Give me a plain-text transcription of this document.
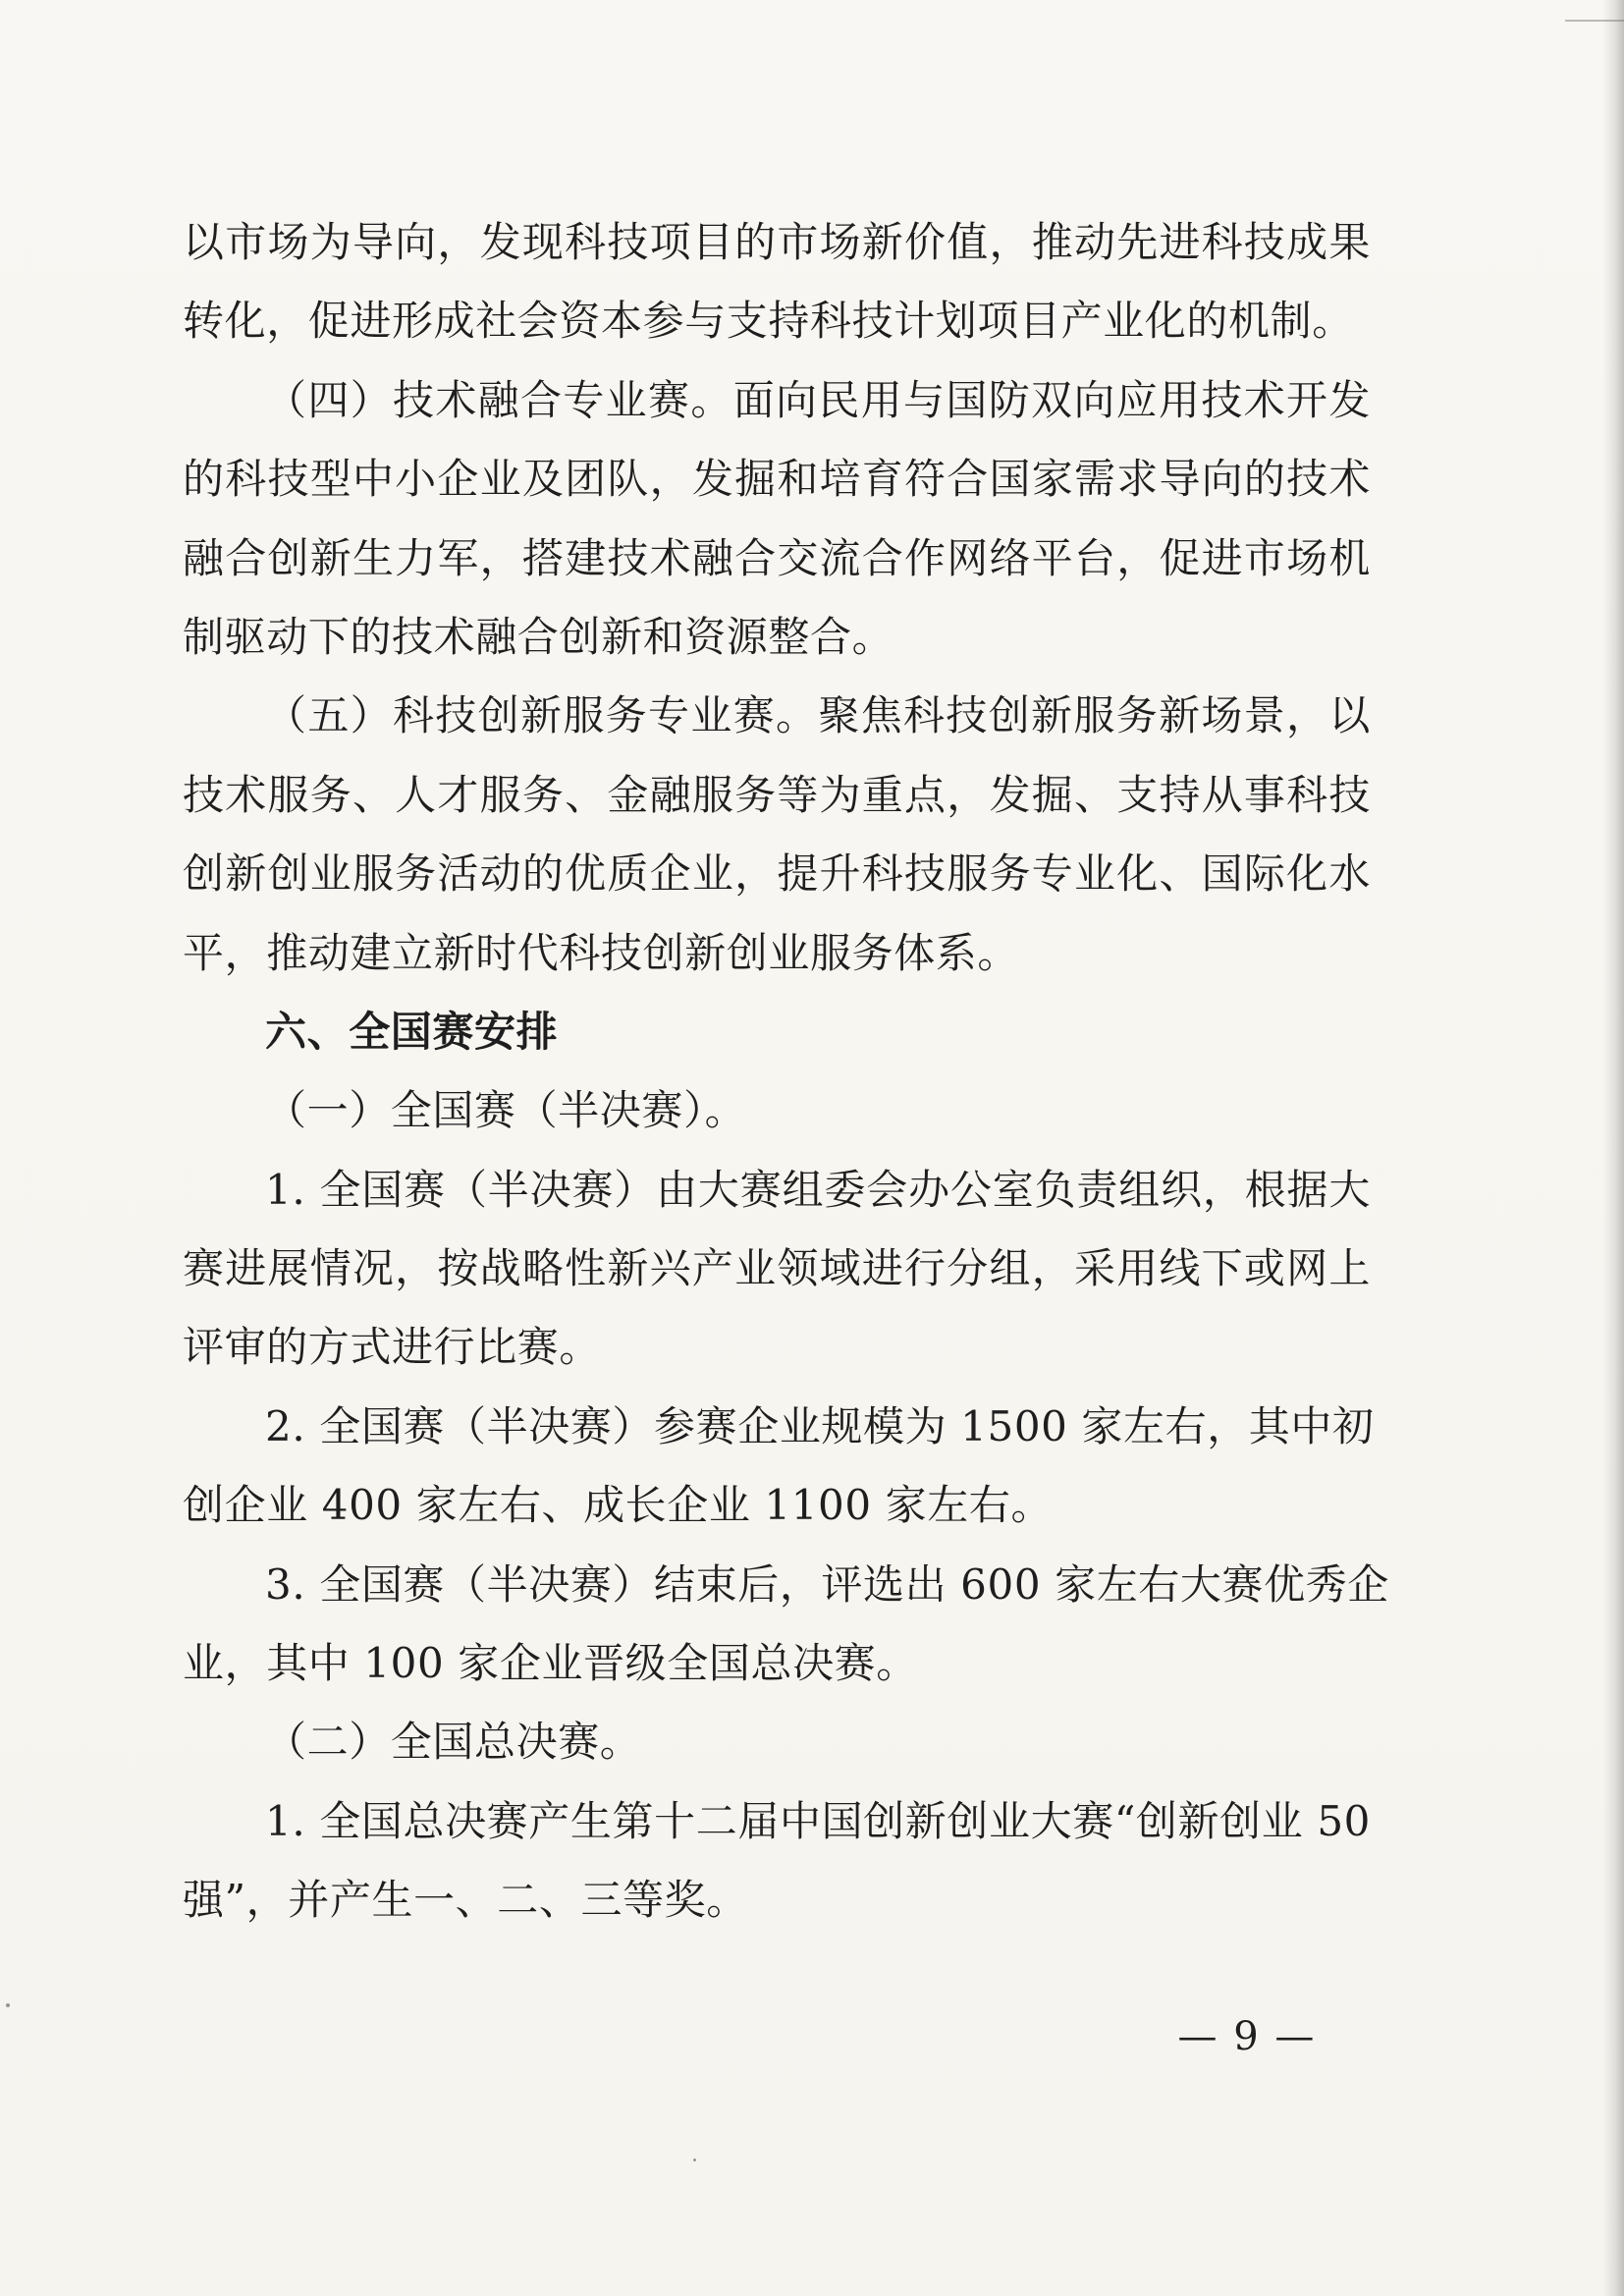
以市场为导向，发现科技项目的市场新价值，推动先进科技成果
转化，促进形成社会资本参与支持科技计划项目产业化的机制。
（四）技术融合专业赛。面向民用与国防双向应用技术开发
的科技型中小企业及团队，发掘和培育符合国家需求导向的技术
融合创新生力军，搭建技术融合交流合作网络平台，促进市场机
制驱动下的技术融合创新和资源整合。
（五）科技创新服务专业赛。聚焦科技创新服务新场景，以
技术服务、人才服务、金融服务等为重点，发掘、支持从事科技
创新创业服务活动的优质企业，提升科技服务专业化、国际化水
平，推动建立新时代科技创新创业服务体系。
六、全国赛安排
（一）全国赛（半决赛）。
1. 全国赛（半决赛）由大赛组委会办公室负责组织，根据大
赛进展情况，按战略性新兴产业领域进行分组，采用线下或网上
评审的方式进行比赛。
2. 全国赛（半决赛）参赛企业规模为 1500 家左右，其中初
创企业 400 家左右、成长企业 1100 家左右。
3. 全国赛（半决赛）结束后，评选出 600 家左右大赛优秀企
业，其中 100 家企业晋级全国总决赛。
（二）全国总决赛。
1. 全国总决赛产生第十二届中国创新创业大赛“创新创业 50
强”，并产生一、二、三等奖。
— 9 —
